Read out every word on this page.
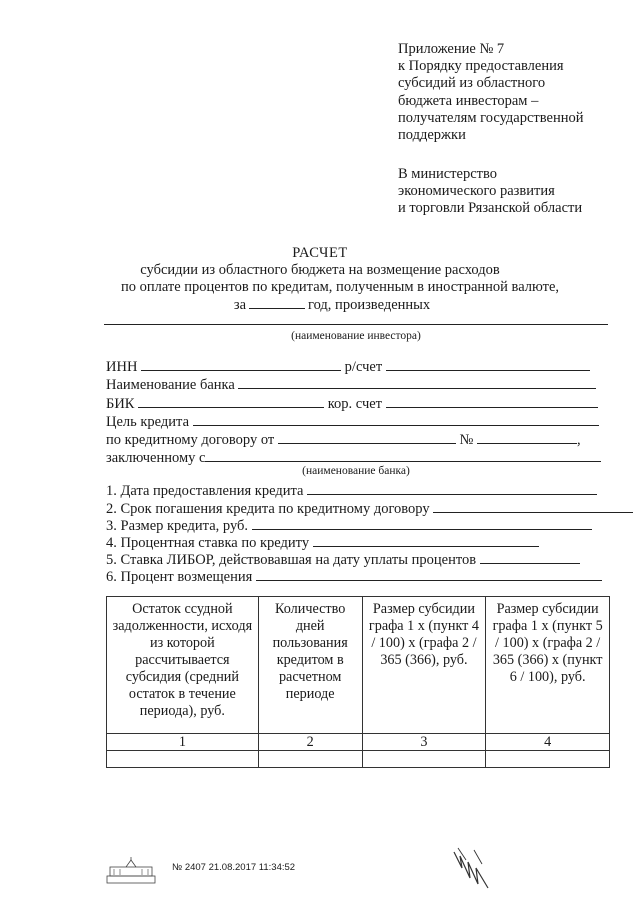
Приложение № 7
к Порядку предоставления
субсидий из областного
бюджета инвесторам –
получателям государственной
поддержки
В министерство
экономического развития
и торговли Рязанской области
РАСЧЕТ
субсидии из областного бюджета на возмещение расходов
по оплате процентов по кредитам, полученным в иностранной валюте,
за	год, произведенных
(наименование инвестора)
ИНН	р/счет
Наименование банка
БИК	кор. счет
Цель кредита
по кредитному договору от	№	,
заключенному с
(наименование банка)
1. Дата предоставления кредита
2. Срок погашения кредита по кредитному договору
3. Размер кредита, руб.
4. Процентная ставка по кредиту
5. Ставка ЛИБОР, действовавшая на дату уплаты процентов
6. Процент возмещения
Остаток ссудной задолженности, исходя из которой рассчитывается субсидия (средний остаток в течение периода), руб.	Количество дней пользования кредитом в расчетном периоде	Размер субсидии графа 1 х (пункт 4 / 100) х (графа 2 / 365 (366), руб.	Размер субсидии графа 1 х (пункт 5 / 100) х (графа 2 / 365 (366) х (пункт 6 / 100), руб.
1	2	3	4

№ 2407 21.08.2017 11:34:52
